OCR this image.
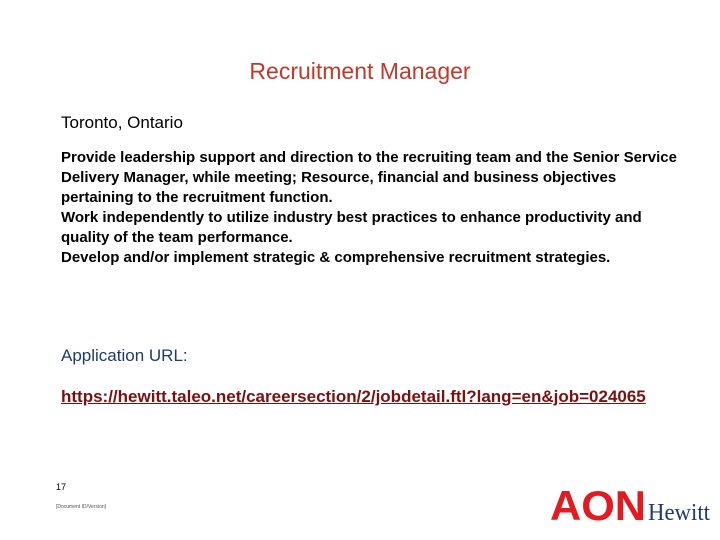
Recruitment Manager

Toronto, Ontario

Provide leadership support and direction to the recruiting team and the Senior Service Delivery Manager, while meeting; Resource, financial and business objectives pertaining to the recruitment function.

Work independently to utilize industry best practices to enhance productivity and quality of the team performance.

Develop and/or implement strategic & comprehensive recruitment strategies.

Application URL:

https://hewitt.taleo.net/careersection/2/jobdetail.ftl?lang=en&job=024065
17
[Document ID/Version]	AON Hewitt
